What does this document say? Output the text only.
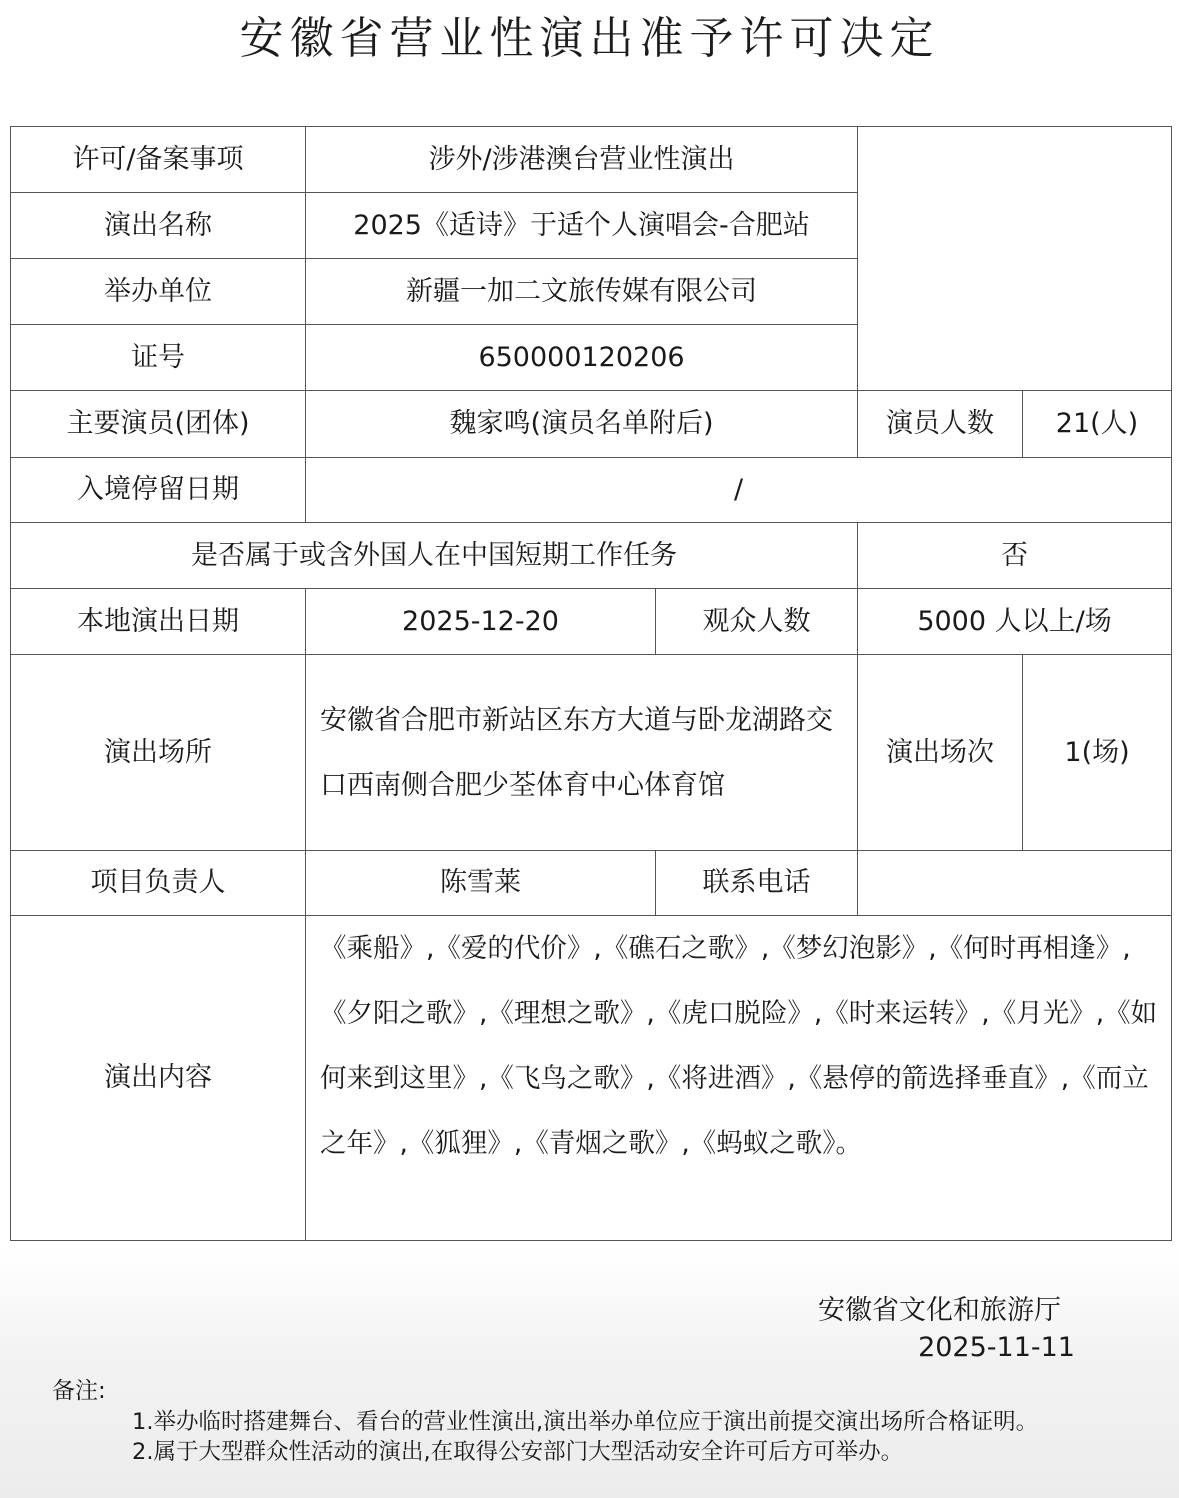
安徽省营业性演出准予许可决定
许可/备案事项	涉外/涉港澳台营业性演出			
演出名称	2025《适诗》于适个人演唱会-合肥站			
举办单位	新疆一加二文旅传媒有限公司			
证号	650000120206			
主要演员(团体)	魏家鸣(演员名单附后)		演员人数	21(人)
入境停留日期	/			
是否属于或含外国人在中国短期工作任务			否	
本地演出日期	2025-12-20	观众人数	5000 人以上/场	
演出场所	安徽省合肥市新站区东方大道与卧龙湖路交口西南侧合肥少荃体育中心体育馆		演出场次	1(场)
项目负责人	陈雪莱	联系电话		
演出内容	《乘船》,《爱的代价》,《礁石之歌》,《梦幻泡影》,《何时再相逢》,《夕阳之歌》,《理想之歌》,《虎口脱险》,《时来运转》,《月光》,《如何来到这里》,《飞鸟之歌》,《将进酒》,《悬停的箭选择垂直》,《而立之年》,《狐狸》,《青烟之歌》,《蚂蚁之歌》。			
安徽省文化和旅游厅
2025-11-11
备注:
1.举办临时搭建舞台、看台的营业性演出,演出举办单位应于演出前提交演出场所合格证明。
2.属于大型群众性活动的演出,在取得公安部门大型活动安全许可后方可举办。
